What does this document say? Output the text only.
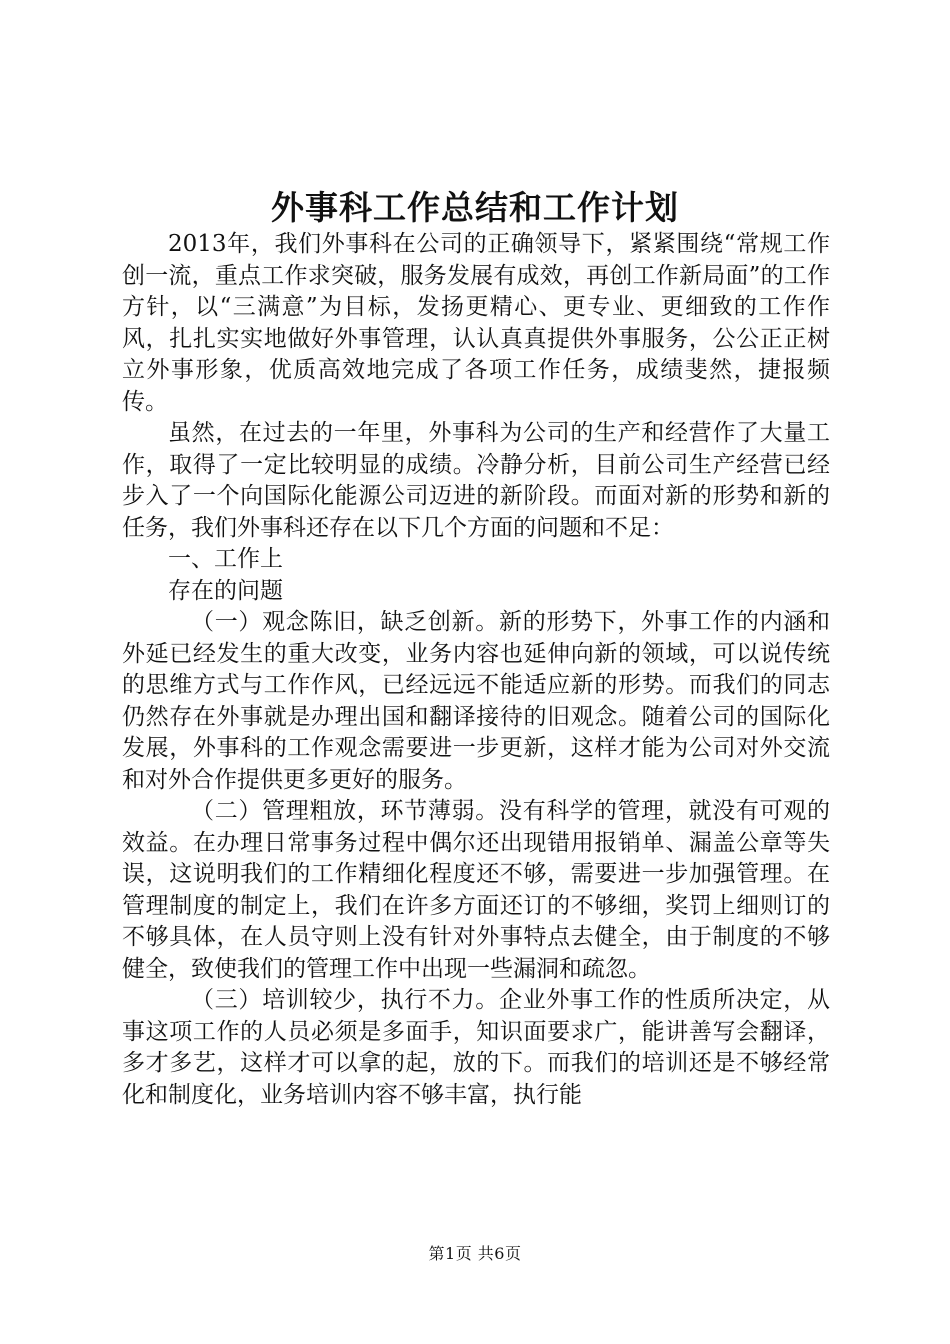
外事科工作总结和工作计划

2013年，我们外事科在公司的正确领导下，紧紧围绕“常规工作创一流，重点工作求突破，服务发展有成效，再创工作新局面”的工作方针，以“三满意”为目标，发扬更精心、更专业、更细致的工作作风，扎扎实实地做好外事管理，认认真真提供外事服务，公公正正树立外事形象，优质高效地完成了各项工作任务，成绩斐然，捷报频传。

虽然，在过去的一年里，外事科为公司的生产和经营作了大量工作，取得了一定比较明显的成绩。冷静分析，目前公司生产经营已经步入了一个向国际化能源公司迈进的新阶段。而面对新的形势和新的任务，我们外事科还存在以下几个方面的问题和不足：

一、工作上

存在的问题

（一）观念陈旧，缺乏创新。新的形势下，外事工作的内涵和外延已经发生的重大改变，业务内容也延伸向新的领域，可以说传统的思维方式与工作作风，已经远远不能适应新的形势。而我们的同志仍然存在外事就是办理出国和翻译接待的旧观念。随着公司的国际化发展，外事科的工作观念需要进一步更新，这样才能为公司对外交流和对外合作提供更多更好的服务。

（二）管理粗放，环节薄弱。没有科学的管理，就没有可观的效益。在办理日常事务过程中偶尔还出现错用报销单、漏盖公章等失误，这说明我们的工作精细化程度还不够，需要进一步加强管理。在管理制度的制定上，我们在许多方面还订的不够细，奖罚上细则订的不够具体，在人员守则上没有针对外事特点去健全，由于制度的不够健全，致使我们的管理工作中出现一些漏洞和疏忽。

（三）培训较少，执行不力。企业外事工作的性质所决定，从事这项工作的人员必须是多面手，知识面要求广，能讲善写会翻译，多才多艺，这样才可以拿的起，放的下。而我们的培训还是不够经常化和制度化，业务培训内容不够丰富，执行能

第1页 共6页
